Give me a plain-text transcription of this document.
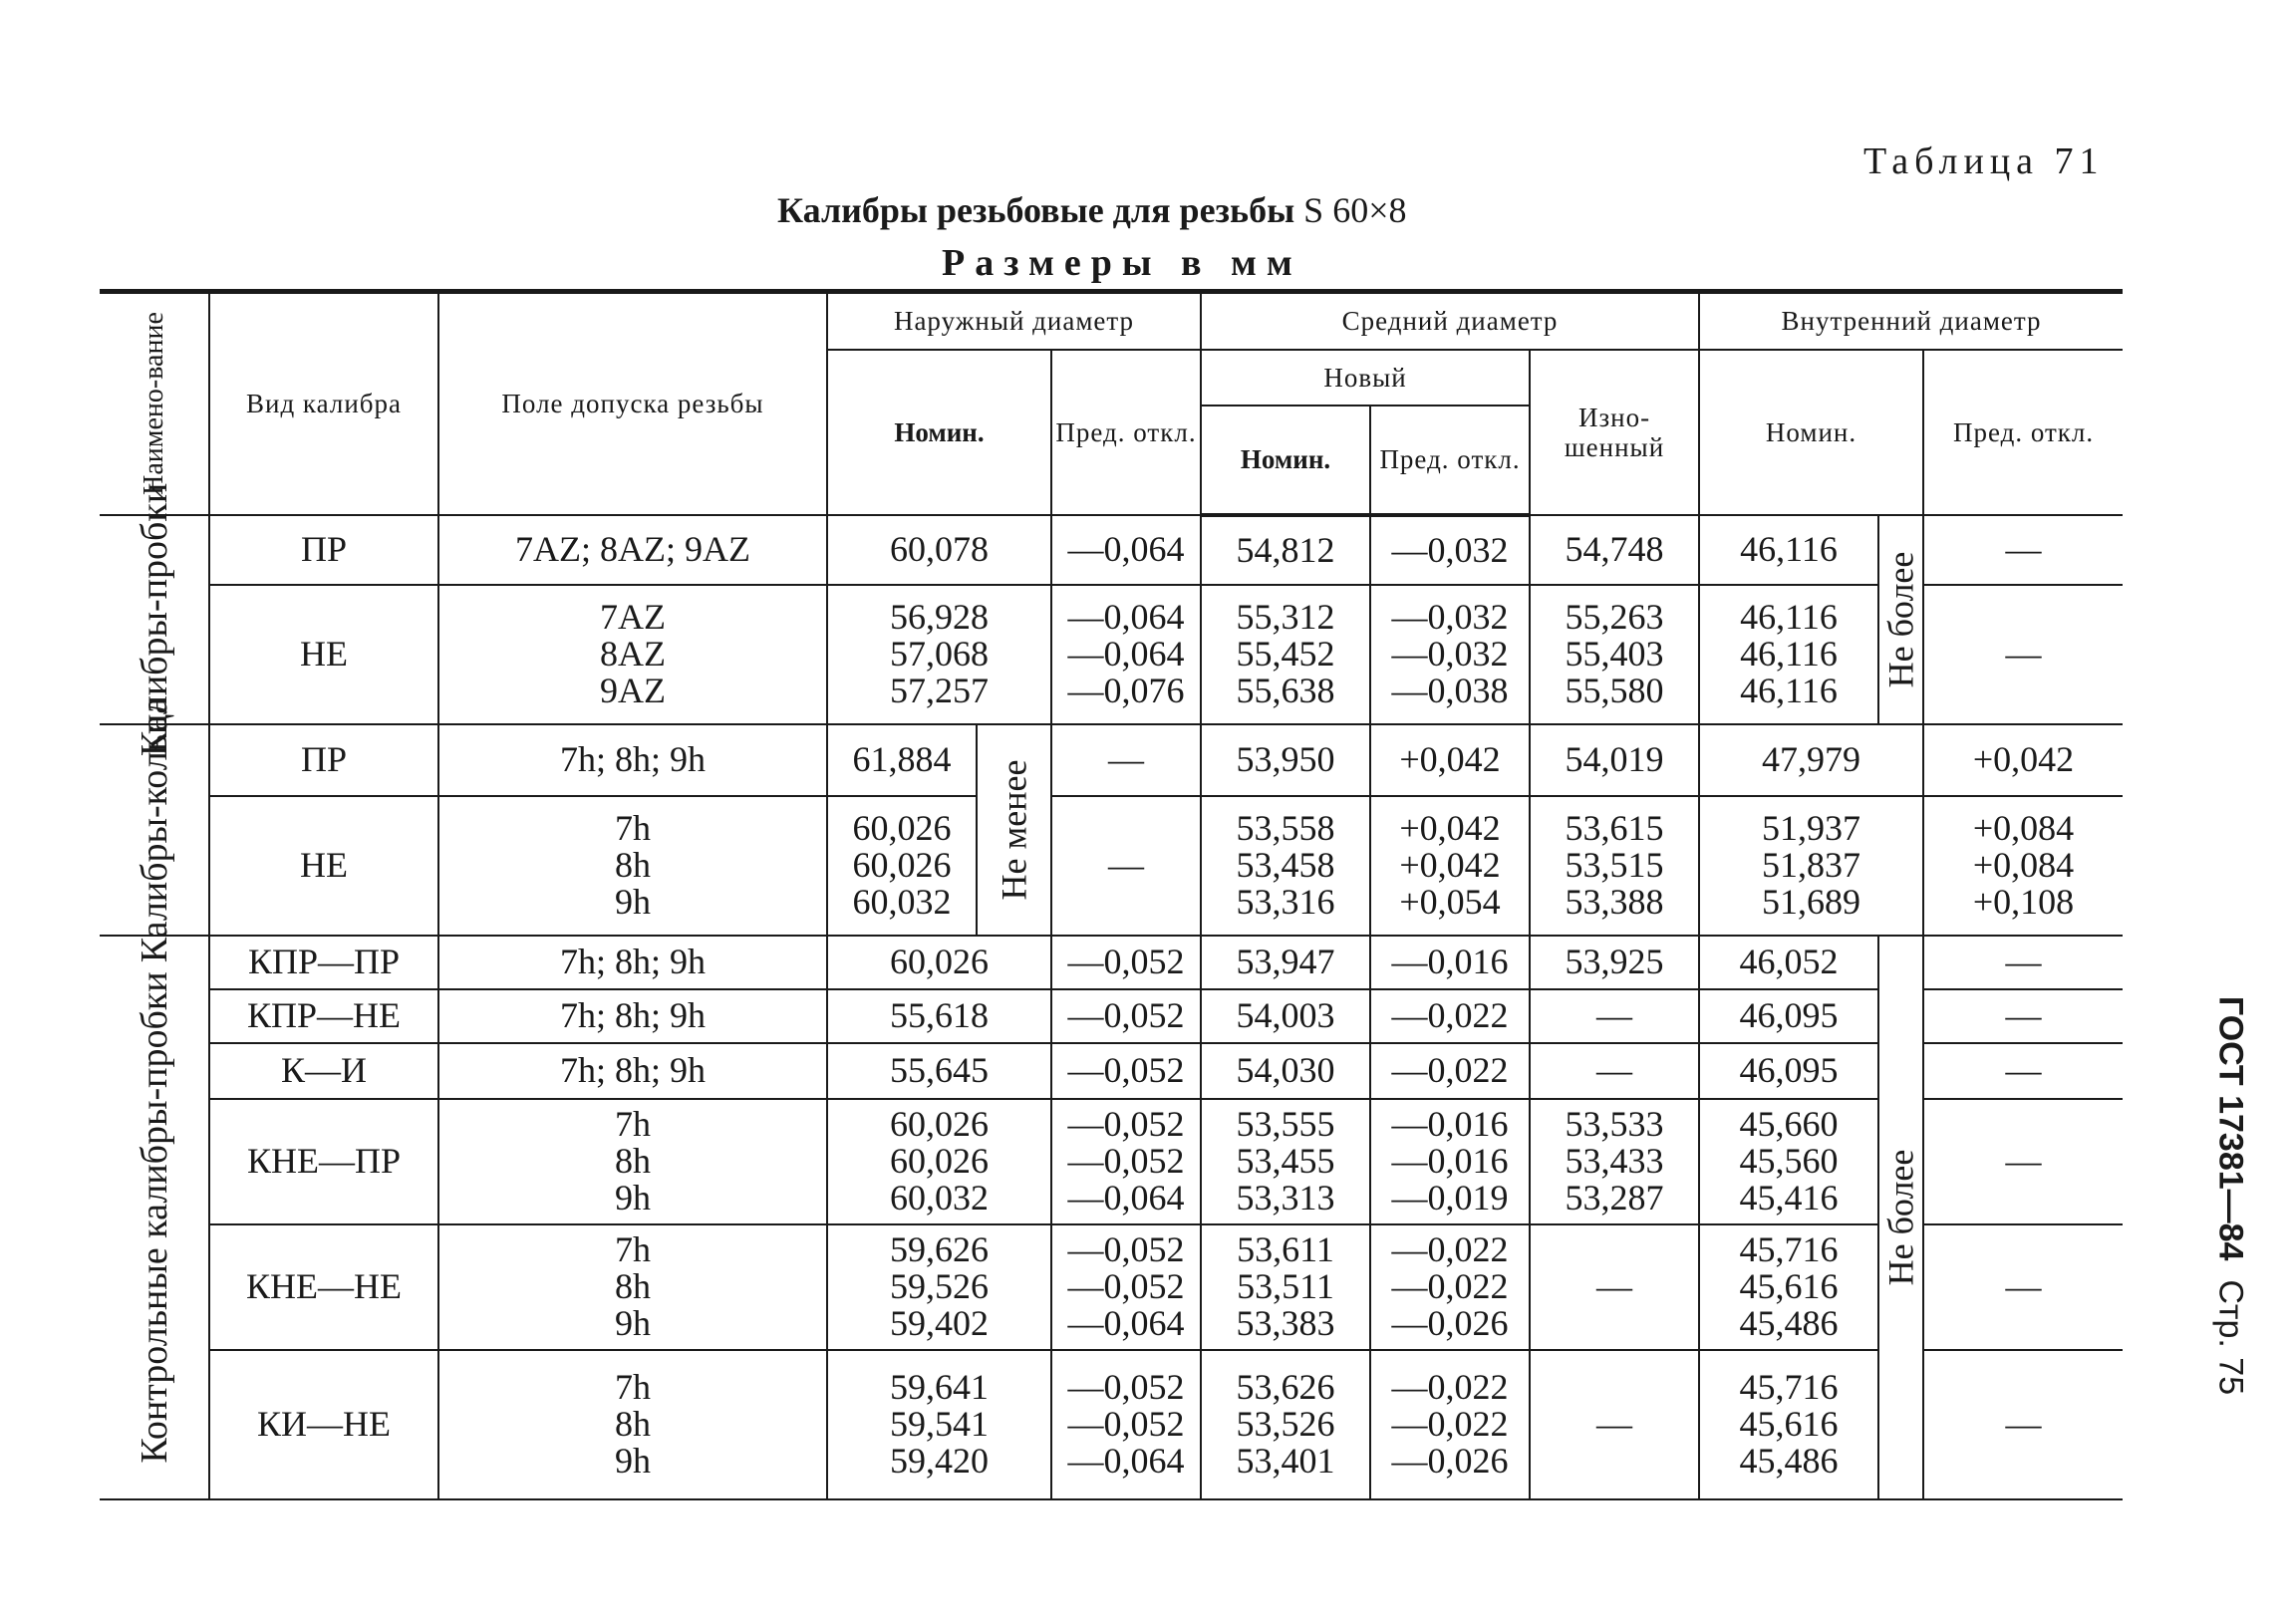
Таблица 71
Калибры резьбовые для резьбы S 60×8
Размеры в мм
ГОСТ 17381—84  Стр. 75
Наимено-вание	Вид калибра	Поле допуска резьбы	Наружный диаметр			Средний диаметр			Внутренний диаметр		
			Номин.		Пред. откл.	Новый		Изно-шенный	Номин.		Пред. откл.
						Номин.	Пред. откл.				

Калибры-пробки	ПР	7AZ; 8AZ; 9AZ	60,078		—0,064	54,812	—0,032	54,748	46,116	Не более	—
	НЕ	7AZ
8AZ
9AZ	56,928
57,068
57,257		—0,064
—0,064
—0,076	55,312
55,452
55,638	—0,032
—0,032
—0,038	55,263
55,403
55,580	46,116
46,116
46,116		—

Калибры-кольца	ПР	7h; 8h; 9h	61,884	Не менее	—	53,950	+0,042	54,019	47,979		+0,042
	НЕ	7h
8h
9h	60,026
60,026
60,032		—	53,558
53,458
53,316	+0,042
+0,042
+0,054	53,615
53,515
53,388	51,937
51,837
51,689		+0,084
+0,084
+0,108

Контрольные калибры-пробки	КПР—ПР	7h; 8h; 9h	60,026		—0,052	53,947	—0,016	53,925	46,052	Не более	—
	КПР—НЕ	7h; 8h; 9h	55,618		—0,052	54,003	—0,022	—	46,095		—
	К—И	7h; 8h; 9h	55,645		—0,052	54,030	—0,022	—	46,095		—
	КНЕ—ПР	7h
8h
9h	60,026
60,026
60,032		—0,052
—0,052
—0,064	53,555
53,455
53,313	—0,016
—0,016
—0,019	53,533
53,433
53,287	45,660
45,560
45,416		—
	КНЕ—НЕ	7h
8h
9h	59,626
59,526
59,402		—0,052
—0,052
—0,064	53,611
53,511
53,383	—0,022
—0,022
—0,026	—	45,716
45,616
45,486		—
	КИ—НЕ	7h
8h
9h	59,641
59,541
59,420		—0,052
—0,052
—0,064	53,626
53,526
53,401	—0,022
—0,022
—0,026	—	45,716
45,616
45,486		—
